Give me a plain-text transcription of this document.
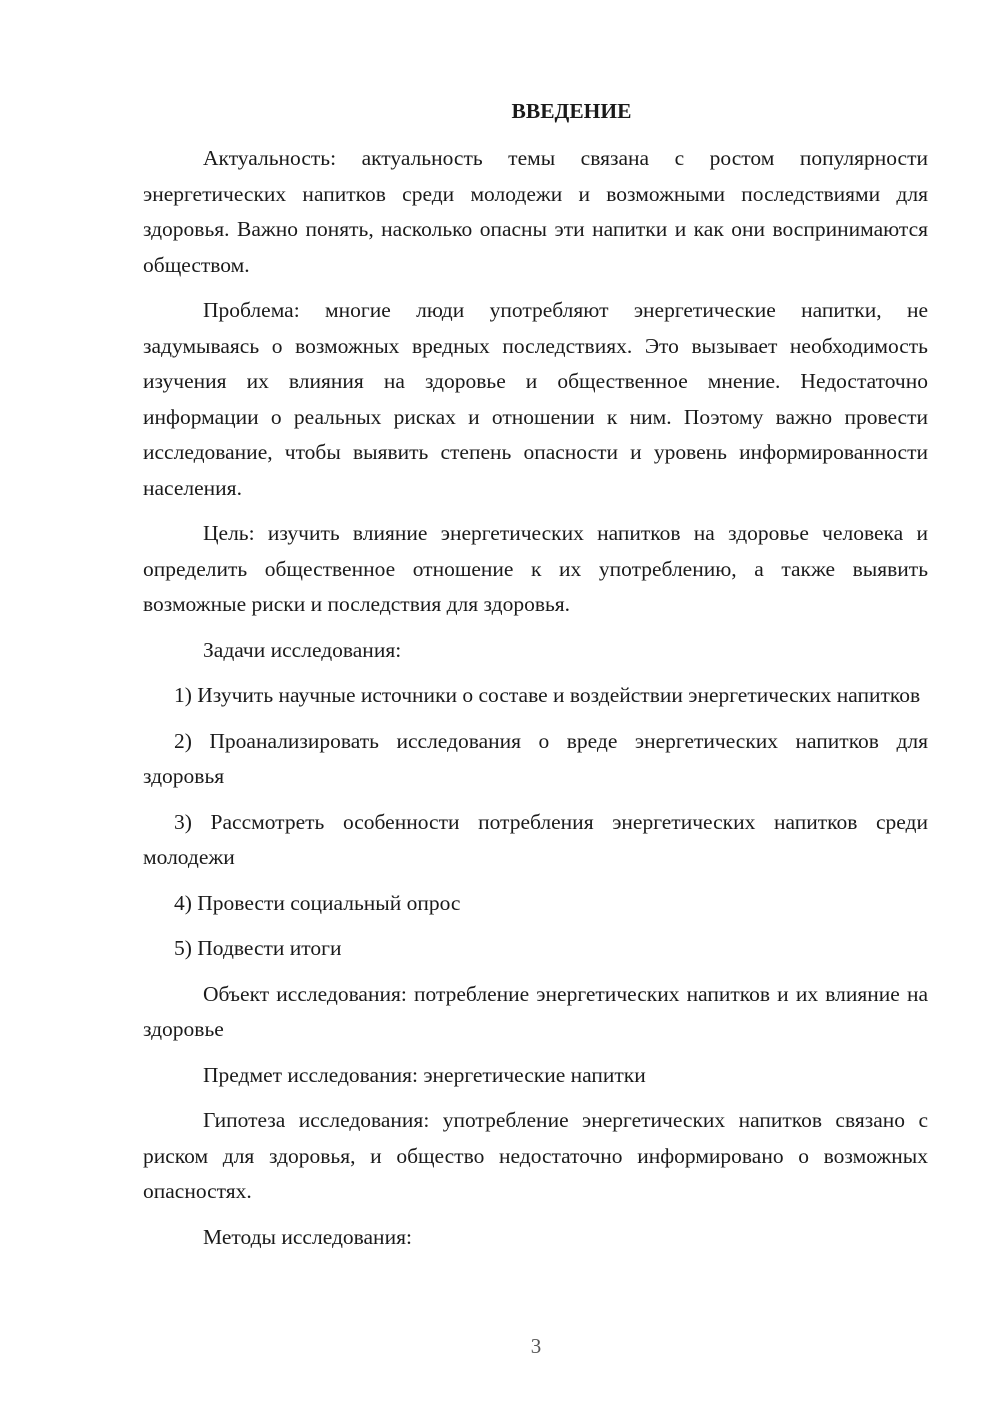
ВВЕДЕНИЕ

Актуальность: актуальность темы связана с ростом популярности энергетических напитков среди молодежи и возможными последствиями для здоровья. Важно понять, насколько опасны эти напитки и как они воспринимаются обществом.

Проблема: многие люди употребляют энергетические напитки, не задумываясь о возможных вредных последствиях. Это вызывает необходимость изучения их влияния на здоровье и общественное мнение. Недостаточно информации о реальных рисках и отношении к ним. Поэтому важно провести исследование, чтобы выявить степень опасности и уровень информированности населения.

Цель: изучить влияние энергетических напитков на здоровье человека и определить общественное отношение к их употреблению, а также выявить возможные риски и последствия для здоровья.

Задачи исследования:

1) Изучить научные источники о составе и воздействии энергетических напитков

2) Проанализировать исследования о вреде энергетических напитков для здоровья

3) Рассмотреть особенности потребления энергетических напитков среди молодежи

4) Провести социальный опрос

5) Подвести итоги

Объект исследования: потребление энергетических напитков и их влияние на здоровье

Предмет исследования: энергетические напитки

Гипотеза исследования: употребление энергетических напитков связано с риском для здоровья, и общество недостаточно информировано о возможных опасностях.

Методы исследования:

3
